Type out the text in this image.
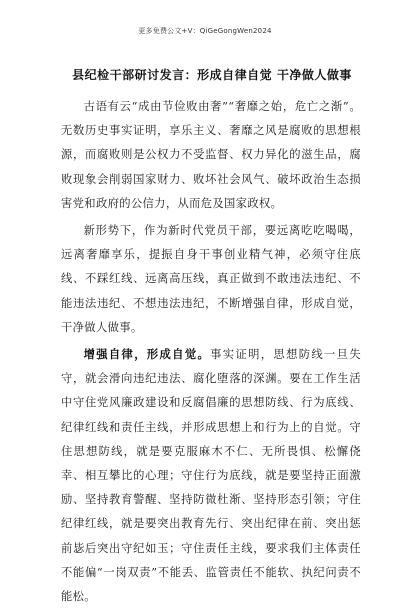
更多免费公文+V：QiGeGongWen2024
县纪检干部研讨发言：形成自律自觉 干净做人做事

古语有云“成由节俭败由奢”“奢靡之始，危亡之渐”。无数历史事实证明，享乐主义、奢靡之风是腐败的思想根源，而腐败则是公权力不受监督、权力异化的滋生品，腐败现象会削弱国家财力、败坏社会风气、破坏政治生态损害党和政府的公信力，从而危及国家政权。

新形势下，作为新时代党员干部，要远离吃吃喝喝，远离奢靡享乐，提振自身干事创业精气神，必须守住底线、不踩红线、远离高压线，真正做到不敢违法违纪、不能违法违纪、不想违法违纪，不断增强自律，形成自觉，干净做人做事。

增强自律，形成自觉。事实证明，思想防线一旦失守，就会滑向违纪违法、腐化堕落的深渊。要在工作生活中守住党风廉政建设和反腐倡廉的思想防线、行为底线、纪律红线和责任主线，并形成思想上和行为上的自觉。守住思想防线，就是要克服麻木不仁、无所畏惧、松懈侥幸、相互攀比的心理；守住行为底线，就是要坚持正面激励、坚持教育警醒、坚持防微杜渐、坚持形态引领；守住纪律红线，就是要突出教育先行、突出纪律在前、突出惩前毖后突出守纪如玉；守住责任主线，要求我们主体责任不能偏“一岗双责”不能丢、监管责任不能软、执纪问责不能松。
